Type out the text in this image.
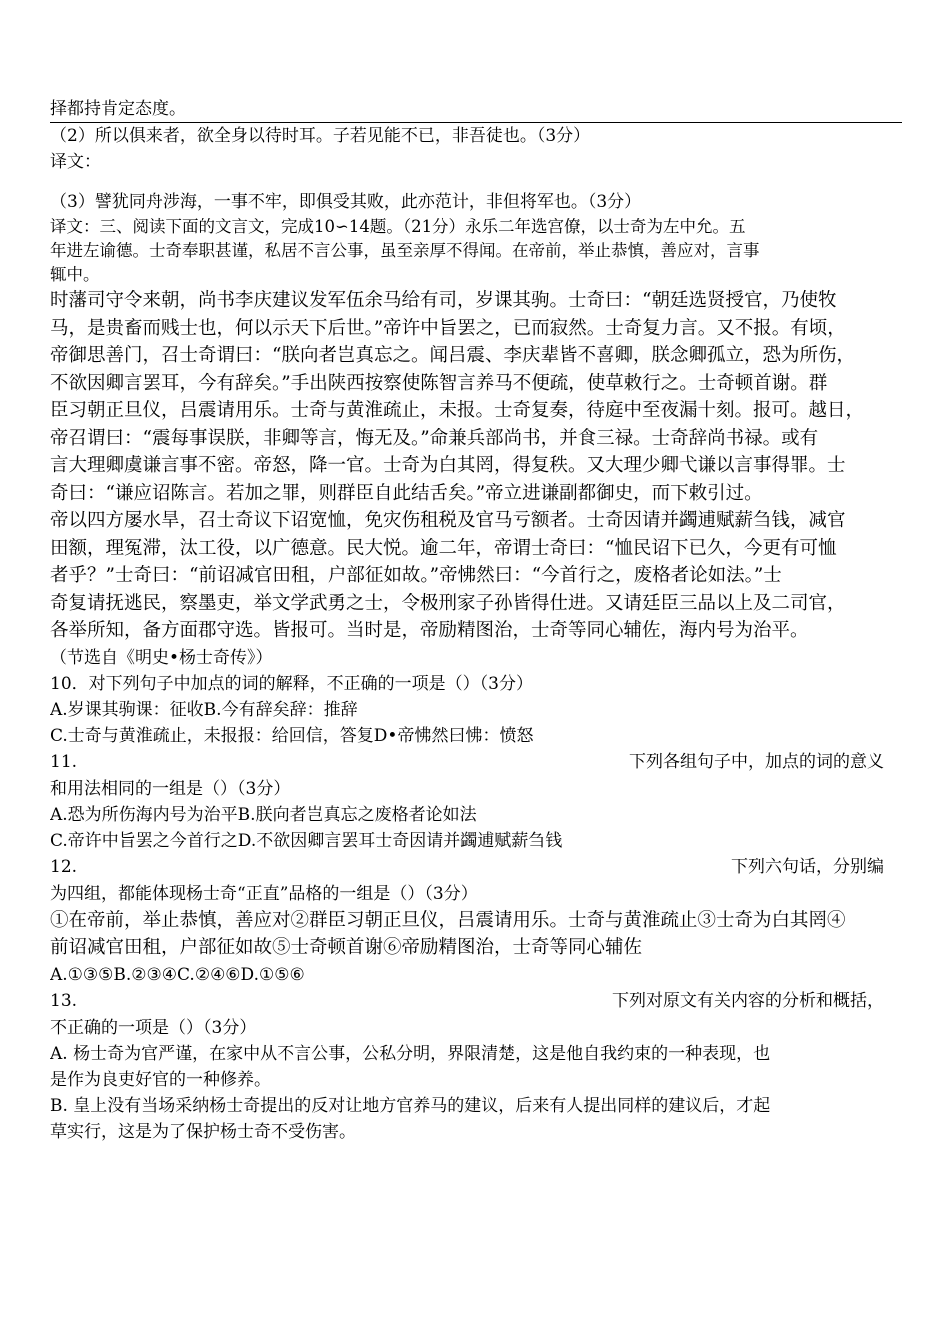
择都持肯定态度。
（2）所以俱来者，欲全身以待时耳。子若见能不已，非吾徒也。（3分）
译文：
（3）譬犹同舟涉海，一事不牢，即俱受其败，此亦范计，非但将军也。（3分）
译文：三、阅读下面的文言文，完成10∽14题。（21分）永乐二年选宫僚，以士奇为左中允。五
年进左谕德。士奇奉职甚谨，私居不言公事，虽至亲厚不得闻。在帝前，举止恭慎，善应对，言事
辄中。
时藩司守令来朝，尚书李庆建议发军伍余马给有司，岁课其驹。士奇曰：“朝廷选贤授官，乃使牧
马，是贵畜而贱士也，何以示天下后世。”帝许中旨罢之，已而寂然。士奇复力言。又不报。有顷，
帝御思善门，召士奇谓曰：“朕向者岂真忘之。闻吕震、李庆辈皆不喜卿，朕念卿孤立，恐为所伤，
不欲因卿言罢耳，今有辞矣。”手出陕西按察使陈智言养马不便疏，使草敕行之。士奇顿首谢。群
臣习朝正旦仪，吕震请用乐。士奇与黄淮疏止，未报。士奇复奏，待庭中至夜漏十刻。报可。越日，
帝召谓曰：“震每事误朕，非卿等言，悔无及。”命兼兵部尚书，并食三禄。士奇辞尚书禄。或有
言大理卿虞谦言事不密。帝怒，降一官。士奇为白其罔，得复秩。又大理少卿弋谦以言事得罪。士
奇曰：“谦应诏陈言。若加之罪，则群臣自此结舌矣。”帝立进谦副都御史，而下敕引过。
帝以四方屡水旱，召士奇议下诏宽恤，免灾伤租税及官马亏额者。士奇因请并蠲逋赋薪刍钱，减官
田额，理冤滞，汰工役，以广德意。民大悦。逾二年，帝谓士奇曰：“恤民诏下已久，今更有可恤
者乎？”士奇曰：“前诏减官田租，户部征如故。”帝怫然曰：“今首行之，废格者论如法。”士
奇复请抚逃民，察墨吏，举文学武勇之士，令极刑家子孙皆得仕进。又请廷臣三品以上及二司官，
各举所知，备方面郡守选。皆报可。当时是，帝励精图治，士奇等同心辅佐，海内号为治平。
（节选自《明史•杨士奇传》）
10．对下列句子中加点的词的解释，不正确的一项是（）（3分）
A.岁课其驹课：征收B.今有辞矣辞：推辞
C.士奇与黄淮疏止，未报报：给回信，答复D•帝怫然曰怫：愤怒
11.	下列各组句子中，加点的词的意义
和用法相同的一组是（）（3分）
A.恐为所伤海内号为治平B.朕向者岂真忘之废格者论如法
C.帝许中旨罢之今首行之D.不欲因卿言罢耳士奇因请并蠲逋赋薪刍钱
12.	下列六句话，分别编
为四组，都能体现杨士奇“正直”品格的一组是（）（3分）
①在帝前，举止恭慎，善应对②群臣习朝正旦仪，吕震请用乐。士奇与黄淮疏止③士奇为白其罔④
前诏减官田租，户部征如故⑤士奇顿首谢⑥帝励精图治，士奇等同心辅佐
A.①③⑤B.②③④C.②④⑥D.①⑤⑥
13.	下列对原文有关内容的分析和概括，
不正确的一项是（）（3分）
A. 杨士奇为官严谨，在家中从不言公事，公私分明，界限清楚，这是他自我约束的一种表现，也
是作为良吏好官的一种修养。
B. 皇上没有当场采纳杨士奇提出的反对让地方官养马的建议，后来有人提出同样的建议后，才起
草实行，这是为了保护杨士奇不受伤害。
